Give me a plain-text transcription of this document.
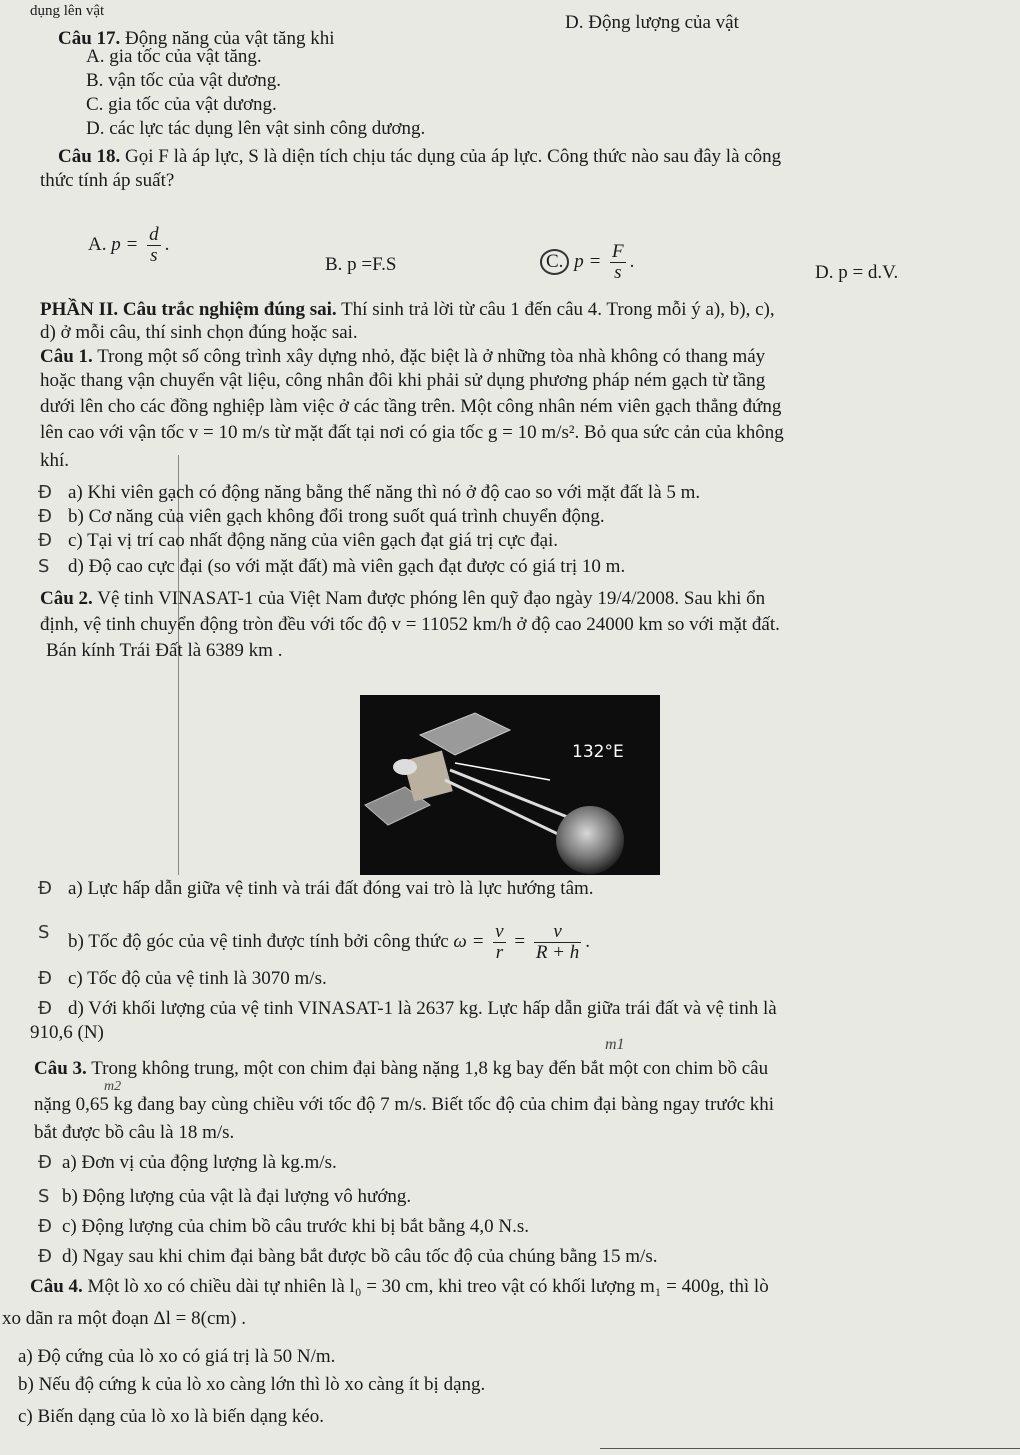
dụng lên vật
D. Động lượng của vật
Câu 17. Động năng của vật tăng khi
A. gia tốc của vật tăng.
B. vận tốc của vật dương.
C. gia tốc của vật dương.
D. các lực tác dụng lên vật sinh công dương.
Câu 18. Gọi F là áp lực, S là diện tích chịu tác dụng của áp lực. Công thức nào sau đây là công
thức tính áp suất?
A. $p = \frac{d}{s}$ .
B. p =F.S	C. $p = \frac{F}{s}$ .
D. p = d.V.
PHẦN II. Câu trắc nghiệm đúng sai. Thí sinh trả lời từ câu 1 đến câu 4. Trong mỗi ý a), b), c),
d) ở mỗi câu, thí sinh chọn đúng hoặc sai.
Câu 1. Trong một số công trình xây dựng nhỏ, đặc biệt là ở những tòa nhà không có thang máy
hoặc thang vận chuyển vật liệu, công nhân đôi khi phải sử dụng phương pháp ném gạch từ tầng
dưới lên cho các đồng nghiệp làm việc ở các tầng trên. Một công nhân ném viên gạch thẳng đứng
lên cao với vận tốc v = 10 m/s từ mặt đất tại nơi có gia tốc g = 10 m/s². Bỏ qua sức cản của không
khí.
Đ a) Khi viên gạch có động năng bằng thế năng thì nó ở độ cao so với mặt đất là 5 m.
Đ b) Cơ năng của viên gạch không đổi trong suốt quá trình chuyển động.
Đ c) Tại vị trí cao nhất động năng của viên gạch đạt giá trị cực đại.
S d) Độ cao cực đại (so với mặt đất) mà viên gạch đạt được có giá trị 10 m.
Câu 2. Vệ tinh VINASAT-1 của Việt Nam được phóng lên quỹ đạo ngày 19/4/2008. Sau khi ổn
định, vệ tinh chuyển động tròn đều với tốc độ v = 11052 km/h ở độ cao 24000 km so với mặt đất.
Bán kính Trái Đất là 6389 km .
132°E
Đ a) Lực hấp dẫn giữa vệ tinh và trái đất đóng vai trò là lực hướng tâm.
S b) Tốc độ góc của vệ tinh được tính bởi công thức $\omega = \frac{v}{r} = \frac{v}{R + h}$ .
Đ c) Tốc độ của vệ tinh là 3070 m/s.
Đ d) Với khối lượng của vệ tinh VINASAT-1 là 2637 kg. Lực hấp dẫn giữa trái đất và vệ tinh là
910,6 (N)
m1
Câu 3. Trong không trung, một con chim đại bàng nặng 1,8 kg bay đến bắt một con chim bồ câu
m2
nặng 0,65 kg đang bay cùng chiều với tốc độ 7 m/s. Biết tốc độ của chim đại bàng ngay trước khi
bắt được bồ câu là 18 m/s.
Đ a) Đơn vị của động lượng là kg.m/s.
S b) Động lượng của vật là đại lượng vô hướng.
Đ c) Động lượng của chim bồ câu trước khi bị bắt bằng 4,0 N.s.
Đ d) Ngay sau khi chim đại bàng bắt được bồ câu tốc độ của chúng bằng 15 m/s.
Câu 4. Một lò xo có chiều dài tự nhiên là l₀ = 30 cm, khi treo vật có khối lượng m₁ = 400g, thì lò
xo dãn ra một đoạn Δl = 8(cm) .
a) Độ cứng của lò xo có giá trị là 50 N/m.
b) Nếu độ cứng k của lò xo càng lớn thì lò xo càng ít bị dạng.
c) Biến dạng của lò xo là biến dạng kéo.
